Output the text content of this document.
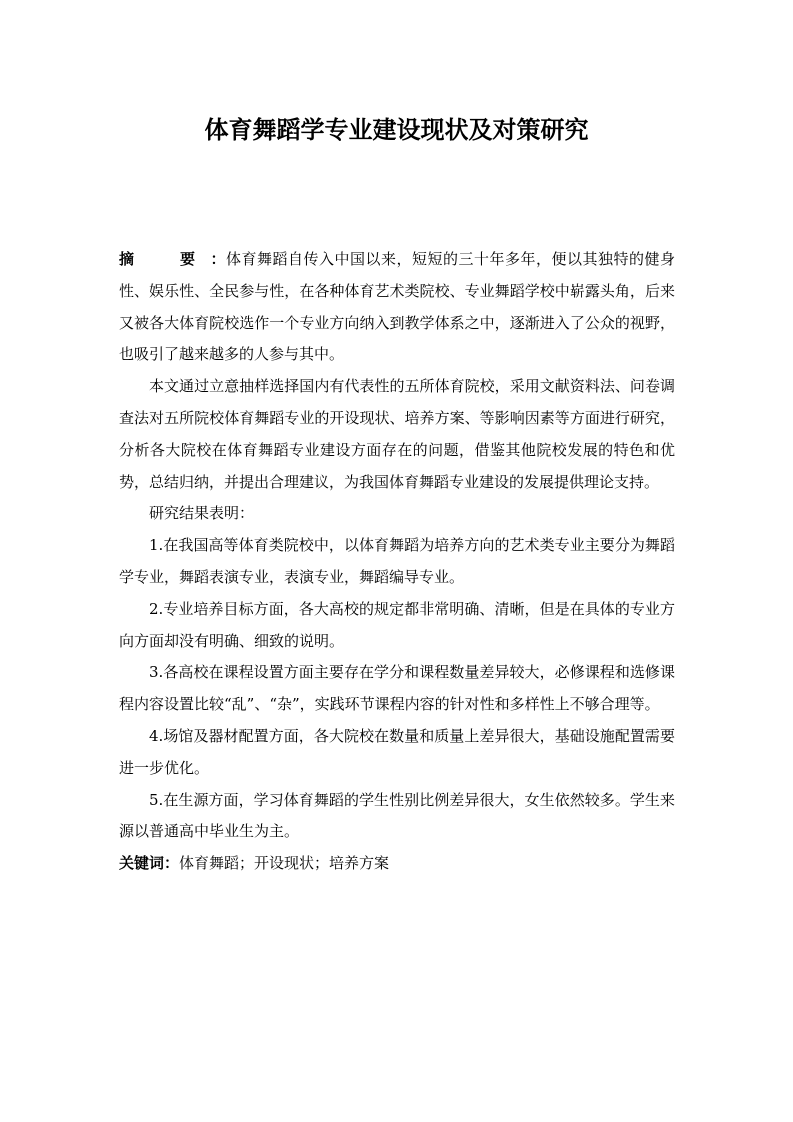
体育舞蹈学专业建设现状及对策研究

摘　要：体育舞蹈自传入中国以来，短短的三十年多年，便以其独特的健身性、娱乐性、全民参与性，在各种体育艺术类院校、专业舞蹈学校中崭露头角，后来又被各大体育院校选作一个专业方向纳入到教学体系之中，逐渐进入了公众的视野，也吸引了越来越多的人参与其中。

本文通过立意抽样选择国内有代表性的五所体育院校，采用文献资料法、问卷调查法对五所院校体育舞蹈专业的开设现状、培养方案、等影响因素等方面进行研究，分析各大院校在体育舞蹈专业建设方面存在的问题，借鉴其他院校发展的特色和优势，总结归纳，并提出合理建议，为我国体育舞蹈专业建设的发展提供理论支持。

研究结果表明：

1.在我国高等体育类院校中，以体育舞蹈为培养方向的艺术类专业主要分为舞蹈学专业，舞蹈表演专业，表演专业，舞蹈编导专业。

2.专业培养目标方面，各大高校的规定都非常明确、清晰，但是在具体的专业方向方面却没有明确、细致的说明。

3.各高校在课程设置方面主要存在学分和课程数量差异较大，必修课程和选修课程内容设置比较“乱”、“杂”，实践环节课程内容的针对性和多样性上不够合理等。

4.场馆及器材配置方面，各大院校在数量和质量上差异很大，基础设施配置需要进一步优化。

5.在生源方面，学习体育舞蹈的学生性别比例差异很大，女生依然较多。学生来源以普通高中毕业生为主。

关键词：体育舞蹈；开设现状；培养方案
